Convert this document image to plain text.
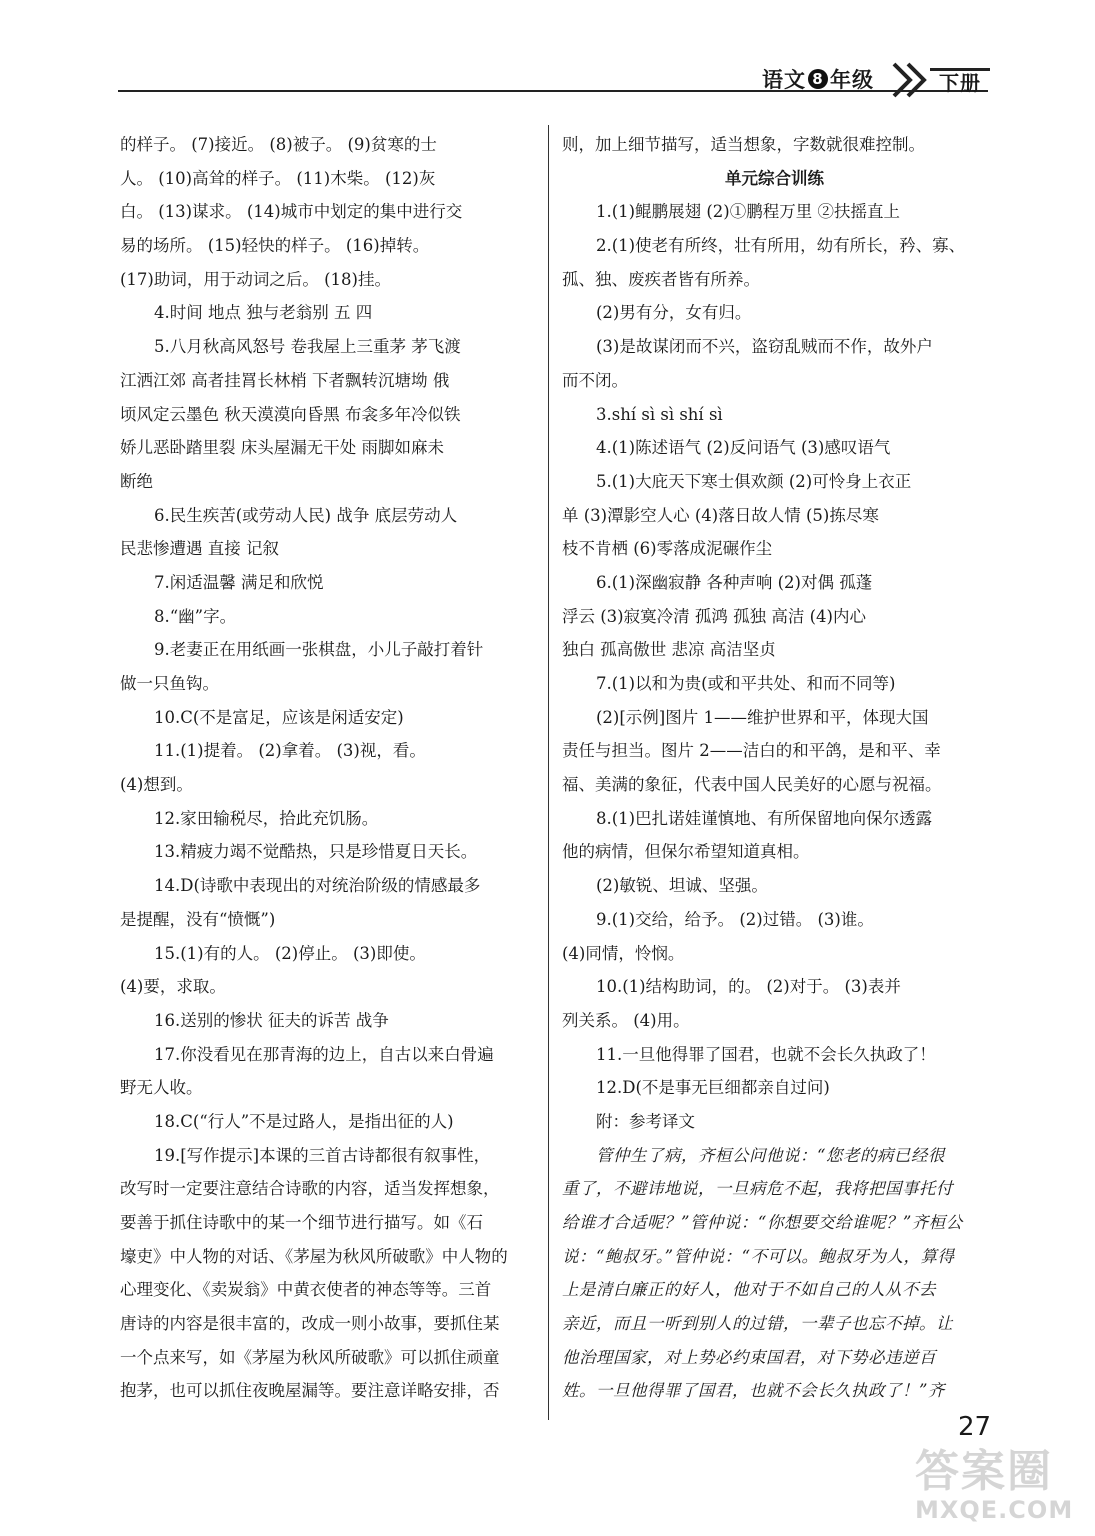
语文 8 年级	下册
的样子。 (7)接近。 (8)被子。 (9)贫寒的士
人。 (10)高耸的样子。 (11)木柴。 (12)灰
白。 (13)谋求。 (14)城市中划定的集中进行交
易的场所。 (15)轻快的样子。 (16)掉转。
(17)助词，用于动词之后。 (18)挂。
4.时间 地点 独与老翁别 五 四
5.八月秋高风怒号 卷我屋上三重茅 茅飞渡
江洒江郊 高者挂罥长林梢 下者飘转沉塘坳 俄
顷风定云墨色 秋天漠漠向昏黑 布衾多年冷似铁
娇儿恶卧踏里裂 床头屋漏无干处 雨脚如麻未
断绝
6.民生疾苦(或劳动人民) 战争 底层劳动人
民悲惨遭遇 直接 记叙
7.闲适温馨 满足和欣悦
8.“幽”字。
9.老妻正在用纸画一张棋盘，小儿子敲打着针
做一只鱼钩。
10.C(不是富足，应该是闲适安定)
11.(1)提着。 (2)拿着。 (3)视，看。
(4)想到。
12.家田输税尽，拾此充饥肠。
13.精疲力竭不觉酷热，只是珍惜夏日天长。
14.D(诗歌中表现出的对统治阶级的情感最多
是提醒，没有“愤慨”)
15.(1)有的人。 (2)停止。 (3)即使。
(4)要，求取。
16.送别的惨状 征夫的诉苦 战争
17.你没看见在那青海的边上，自古以来白骨遍
野无人收。
18.C(“行人”不是过路人，是指出征的人)
19.[写作提示]本课的三首古诗都很有叙事性，
改写时一定要注意结合诗歌的内容，适当发挥想象，
要善于抓住诗歌中的某一个细节进行描写。如《石
壕吏》中人物的对话、《茅屋为秋风所破歌》中人物的
心理变化、《卖炭翁》中黄衣使者的神态等等。三首
唐诗的内容是很丰富的，改成一则小故事，要抓住某
一个点来写，如《茅屋为秋风所破歌》可以抓住顽童
抱茅，也可以抓住夜晚屋漏等。要注意详略安排，否
则，加上细节描写，适当想象，字数就很难控制。
单元综合训练
1.(1)鲲鹏展翅 (2)①鹏程万里 ②扶摇直上
2.(1)使老有所终，壮有所用，幼有所长，矜、寡、
孤、独、废疾者皆有所养。
(2)男有分，女有归。
(3)是故谋闭而不兴，盗窃乱贼而不作，故外户
而不闭。
3.shí sì sì shí sì
4.(1)陈述语气 (2)反问语气 (3)感叹语气
5.(1)大庇天下寒士俱欢颜 (2)可怜身上衣正
单 (3)潭影空人心 (4)落日故人情 (5)拣尽寒
枝不肯栖 (6)零落成泥碾作尘
6.(1)深幽寂静 各种声响 (2)对偶 孤蓬
浮云 (3)寂寞冷清 孤鸿 孤独 高洁 (4)内心
独白 孤高傲世 悲凉 高洁坚贞
7.(1)以和为贵(或和平共处、和而不同等)
(2)[示例]图片 1——维护世界和平，体现大国
责任与担当。图片 2——洁白的和平鸽，是和平、幸
福、美满的象征，代表中国人民美好的心愿与祝福。
8.(1)巴扎诺娃谨慎地、有所保留地向保尔透露
他的病情，但保尔希望知道真相。
(2)敏锐、坦诚、坚强。
9.(1)交给，给予。 (2)过错。 (3)谁。
(4)同情，怜悯。
10.(1)结构助词，的。 (2)对于。 (3)表并
列关系。 (4)用。
11.一旦他得罪了国君，也就不会长久执政了！
12.D(不是事无巨细都亲自过问)
附：参考译文
管仲生了病，齐桓公问他说：“您老的病已经很
重了，不避讳地说，一旦病危不起，我将把国事托付
给谁才合适呢？”管仲说：“你想要交给谁呢？”齐桓公
说：“鲍叔牙。”管仲说：“不可以。鲍叔牙为人，算得
上是清白廉正的好人，他对于不如自己的人从不去
亲近，而且一听到别人的过错，一辈子也忘不掉。让
他治理国家，对上势必约束国君，对下势必违逆百
姓。一旦他得罪了国君，也就不会长久执政了！”齐
27
答案圈
MXQE.COM
